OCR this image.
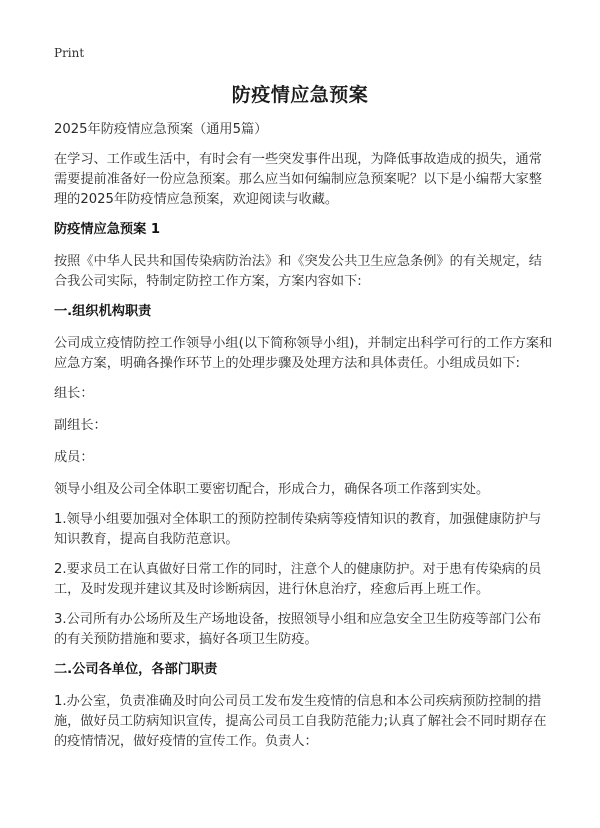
Print
防疫情应急预案

2025年防疫情应急预案（通用5篇）

在学习、工作或生活中，有时会有一些突发事件出现，为降低事故造成的损失，通常需要提前准备好一份应急预案。那么应当如何编制应急预案呢？以下是小编帮大家整理的2025年防疫情应急预案，欢迎阅读与收藏。

防疫情应急预案 1

按照《中华人民共和国传染病防治法》和《突发公共卫生应急条例》的有关规定，结合我公司实际，特制定防控工作方案，方案内容如下:

一.组织机构职责

公司成立疫情防控工作领导小组(以下简称领导小组)，并制定出科学可行的工作方案和应急方案，明确各操作环节上的处理步骤及处理方法和具体责任。小组成员如下:

组长：

副组长：

成员：

领导小组及公司全体职工要密切配合，形成合力，确保各项工作落到实处。

1.领导小组要加强对全体职工的预防控制传染病等疫情知识的教育，加强健康防护与知识教育，提高自我防范意识。

2.要求员工在认真做好日常工作的同时，注意个人的健康防护。对于患有传染病的员工，及时发现并建议其及时诊断病因，进行休息治疗，痊愈后再上班工作。

3.公司所有办公场所及生产场地设备，按照领导小组和应急安全卫生防疫等部门公布的有关预防措施和要求，搞好各项卫生防疫。

二.公司各单位，各部门职责

1.办公室，负责准确及时向公司员工发布发生疫情的信息和本公司疾病预防控制的措施，做好员工防病知识宣传，提高公司员工自我防范能力;认真了解社会不同时期存在的疫情情况，做好疫情的宣传工作。负责人：
